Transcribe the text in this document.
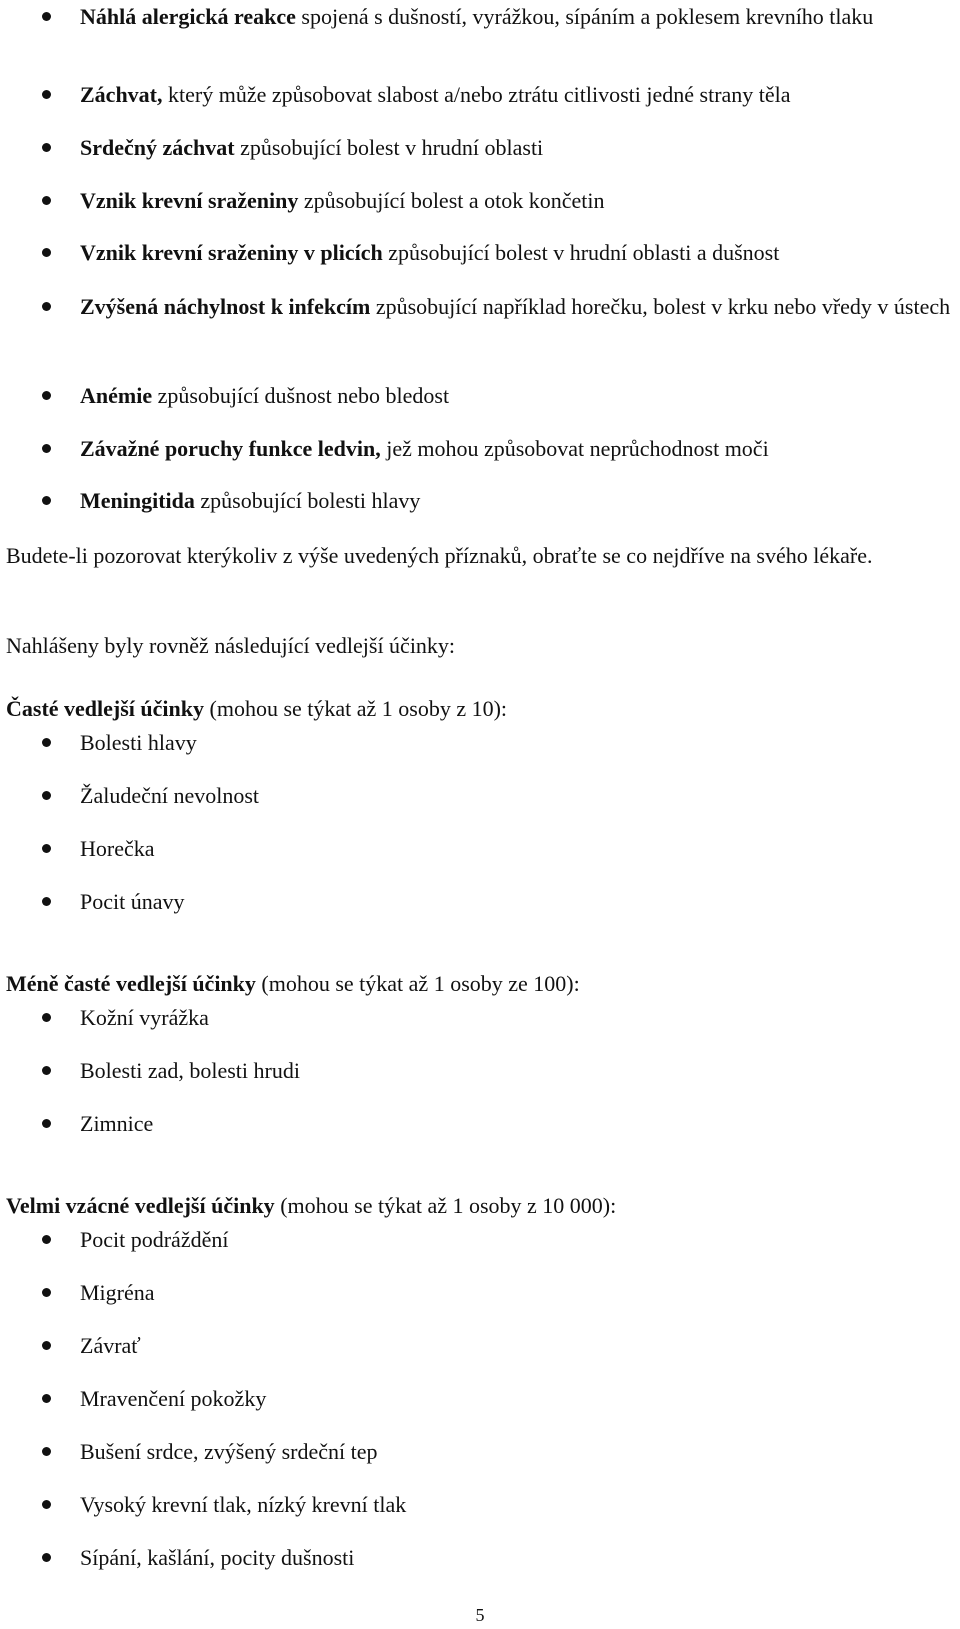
Náhlá alergická reakce spojená s dušností, vyrážkou, sípáním a poklesem krevního tlaku
Záchvat, který může způsobovat slabost a/nebo ztrátu citlivosti jedné strany těla
Srdečný záchvat způsobující bolest v hrudní oblasti
Vznik krevní sraženiny způsobující bolest a otok končetin
Vznik krevní sraženiny v plicích způsobující bolest v hrudní oblasti a dušnost
Zvýšená náchylnost k infekcím způsobující například horečku, bolest v krku nebo vředy v ústech
Anémie způsobující dušnost nebo bledost
Závažné poruchy funkce ledvin, jež mohou způsobovat neprůchodnost moči
Meningitida způsobující bolesti hlavy

Budete-li pozorovat kterýkoliv z výše uvedených příznaků, obraťte se co nejdříve na svého lékaře.

Nahlášeny byly rovněž následující vedlejší účinky:

Časté vedlejší účinky (mohou se týkat až 1 osoby z 10):

Bolesti hlavy
Žaludeční nevolnost
Horečka
Pocit únavy

Méně časté vedlejší účinky (mohou se týkat až 1 osoby ze 100):

Kožní vyrážka
Bolesti zad, bolesti hrudi
Zimnice

Velmi vzácné vedlejší účinky (mohou se týkat až 1 osoby z 10 000):

Pocit podráždění
Migréna
Závrať
Mravenčení pokožky
Bušení srdce, zvýšený srdeční tep
Vysoký krevní tlak, nízký krevní tlak
Sípání, kašlání, pocity dušnosti
5
